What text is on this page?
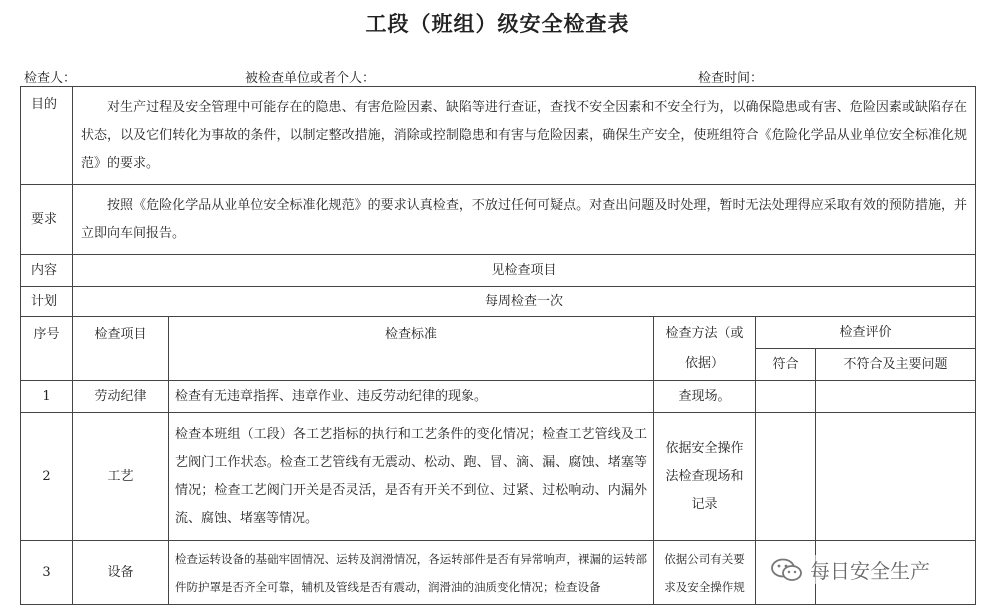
工段（班组）级安全检查表
检查人：	被检查单位或者个人：	检查时间：
目的	对生产过程及安全管理中可能存在的隐患、有害危险因素、缺陷等进行查证，查找不安全因素和不安全行为，以确保隐患或有害、危险因素或缺陷存在状态，以及它们转化为事故的条件，以制定整改措施，消除或控制隐患和有害与危险因素，确保生产安全，使班组符合《危险化学品从业单位安全标准化规范》的要求。				
要求	按照《危险化学品从业单位安全标准化规范》的要求认真检查，不放过任何可疑点。对查出问题及时处理，暂时无法处理得应采取有效的预防措施，并立即向车间报告。				
内容	见检查项目				
计划	每周检查一次				
序号	检查项目	检查标准	检查方法（或依据）	检查评价	
				符合	不符合及主要问题
1	劳动纪律	检查有无违章指挥、违章作业、违反劳动纪律的现象。	查现场。		
2	工艺	检查本班组（工段）各工艺指标的执行和工艺条件的变化情况；检查工艺管线及工艺阀门工作状态。检查工艺管线有无震动、松动、跑、冒、滴、漏、腐蚀、堵塞等情况；检查工艺阀门开关是否灵活，是否有开关不到位、过紧、过松响动、内漏外流、腐蚀、堵塞等情况。	依据安全操作法检查现场和记录		
3	设备	检查运转设备的基础牢固情况、运转及润滑情况，各运转部件是否有异常响声，裸漏的运转部件防护罩是否齐全可靠，辅机及管线是否有震动，润滑油的油质变化情况；检查设备	依据公司有关要求及安全操作规		
每日安全生产
